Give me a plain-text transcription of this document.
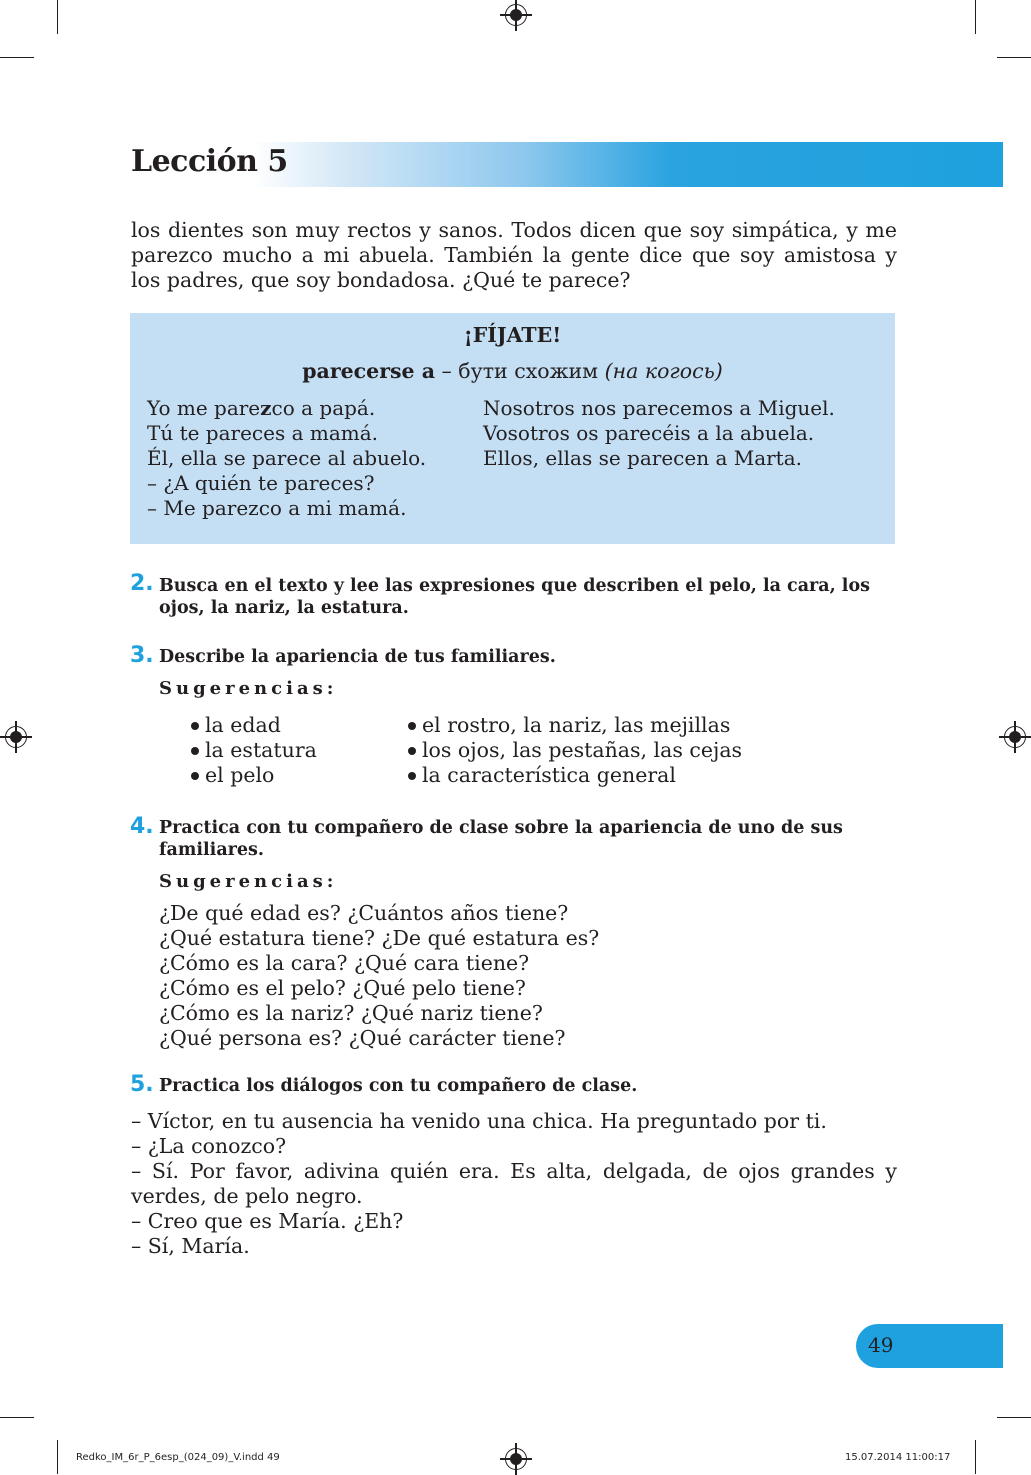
Lección 5
los dientes son muy rectos y sanos. Todos dicen que soy simpática, y me parezco mucho a mi abuela. También la gente dice que soy amistosa y los padres, que soy bondadosa. ¿Qué te parece?
¡FÍJATE!
parecerse a – бути схожим (на когось)
Yo me parezco a papá.
Tú te pareces a mamá.
Él, ella se parece al abuelo.
– ¿A quién te pareces?
– Me parezco a mi mamá.
Nosotros nos parecemos a Miguel.
Vosotros os parecéis a la abuela.
Ellos, ellas se parecen a Marta.
2. Busca en el texto y lee las expresiones que describen el pelo, la cara, los ojos, la nariz, la estatura.
3. Describe la apariencia de tus familiares.
Sugerencias:
la edad
la estatura
el pelo
el rostro, la nariz, las mejillas
los ojos, las pestañas, las cejas
la característica general
4. Practica con tu compañero de clase sobre la apariencia de uno de sus familiares.
Sugerencias:
¿De qué edad es? ¿Cuántos años tiene?
¿Qué estatura tiene? ¿De qué estatura es?
¿Cómo es la cara? ¿Qué cara tiene?
¿Cómo es el pelo? ¿Qué pelo tiene?
¿Cómo es la nariz? ¿Qué nariz tiene?
¿Qué persona es? ¿Qué carácter tiene?
5. Practica los diálogos con tu compañero de clase.
– Víctor, en tu ausencia ha venido una chica. Ha preguntado por ti.
– ¿La conozco?
– Sí. Por favor, adivina quién era. Es alta, delgada, de ojos grandes y verdes, de pelo negro.
– Creo que es María. ¿Eh?
– Sí, María.
49
Redko_IM_6r_P_6esp_(024_09)_V.indd 49	15.07.2014 11:00:17
